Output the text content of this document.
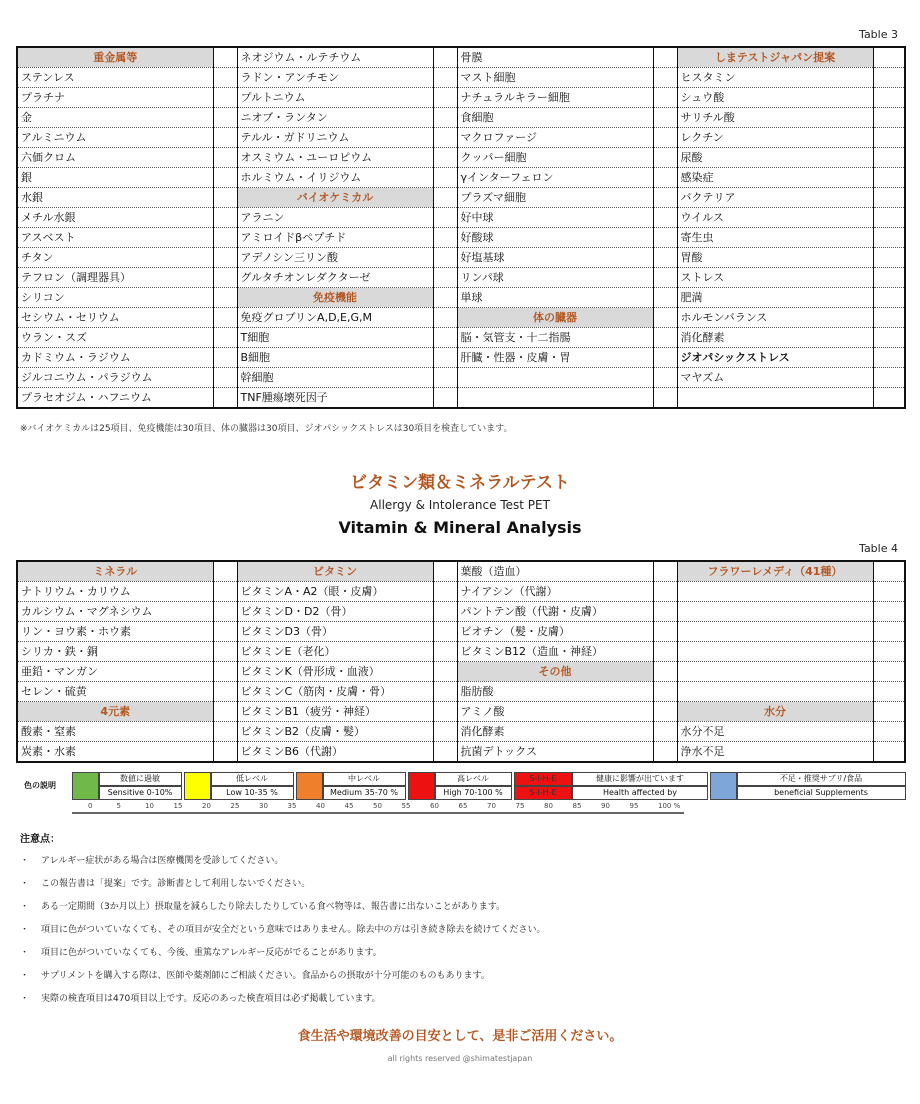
Table 3
重金属等		ネオジウム・ルテチウム		骨膜		しまテストジャパン提案	
ステンレス		ラドン・アンチモン		マスト細胞		ヒスタミン	
プラチナ		プルトニウム		ナチュラルキラー細胞		シュウ酸	
金		ニオブ・ランタン		食細胞		サリチル酸	
アルミニウム		テルル・ガドリニウム		マクロファージ		レクチン	
六価クロム		オスミウム・ユーロピウム		クッパー細胞		尿酸	
銀		ホルミウム・イリジウム		γインターフェロン		感染症	
水銀		バイオケミカル		プラズマ細胞		バクテリア	
メチル水銀		アラニン		好中球		ウイルス	
アスベスト		アミロイドβペプチド		好酸球		寄生虫	
チタン		アデノシン三リン酸		好塩基球		胃酸	
テフロン（調理器具）		グルタチオンレダクターゼ		リンパ球		ストレス	
シリコン		免疫機能		単球		肥満	
セシウム・セリウム		免疫グロブリンA,D,E,G,M		体の臓器		ホルモンバランス	
ウラン・スズ		T細胞		脳・気管支・十二指腸		消化酵素	
カドミウム・ラジウム		B細胞		肝臓・性器・皮膚・胃		ジオパシックストレス	
ジルコニウム・パラジウム		幹細胞				マヤズム	
プラセオジム・ハフニウム		TNF腫瘍壊死因子					
※バイオケミカルは25項目、免疫機能は30項目、体の臓器は30項目、ジオパシックストレスは30項目を検査しています。
ビタミン類＆ミネラルテスト
Allergy & Intolerance Test PET
Vitamin & Mineral Analysis
Table 4
ミネラル		ビタミン		葉酸（造血）		フラワーレメディ（41種）	
ナトリウム・カリウム		ビタミンA・A2（眼・皮膚）		ナイアシン（代謝）			
カルシウム・マグネシウム		ビタミンD・D2（骨）		パントテン酸（代謝・皮膚）			
リン・ヨウ素・ホウ素		ビタミンD3（骨）		ビオチン（髪・皮膚）			
シリカ・鉄・銅		ビタミンE（老化）		ビタミンB12（造血・神経）			
亜鉛・マンガン		ビタミンK（骨形成・血液）		その他			
セレン・硫黄		ビタミンC（筋肉・皮膚・骨）		脂肪酸			
4元素		ビタミンB1（疲労・神経）		アミノ酸		水分	
酸素・窒素		ビタミンB2（皮膚・髪）		消化酵素		水分不足	
炭素・水素		ビタミンB6（代謝）		抗菌デトックス		浄水不足	
色の説明
数値に過敏
Sensitive 0-10%
低レベル
Low 10-35 %
中レベル
Medium 35-70 %
高レベル
High 70-100 %
S-I-H-E
S-I-H-E
健康に影響が出ています
Health affected by
不足・推奨サプリ/食品
beneficial Supplements
0	5	10	15	20	25	30	35	40	45	50	55	60	65	70	75	80	85	90	95	100 %
注意点：
・ アレルギー症状がある場合は医療機関を受診してください。
・ この報告書は「提案」です。診断書として利用しないでください。
・ ある一定期間（3か月以上）摂取量を減らしたり除去したりしている食べ物等は、報告書に出ないことがあります。
・ 項目に色がついていなくても、その項目が安全だという意味ではありません。除去中の方は引き続き除去を続けてください。
・ 項目に色がついていなくても、今後、重篤なアレルギー反応がでることがあります。
・ サプリメントを購入する際は、医師や薬剤師にご相談ください。食品からの摂取が十分可能のものもあります。
・ 実際の検査項目は470項目以上です。反応のあった検査項目は必ず掲載しています。
食生活や環境改善の目安として、是非ご活用ください。
all rights reserved @shimatestjapan
